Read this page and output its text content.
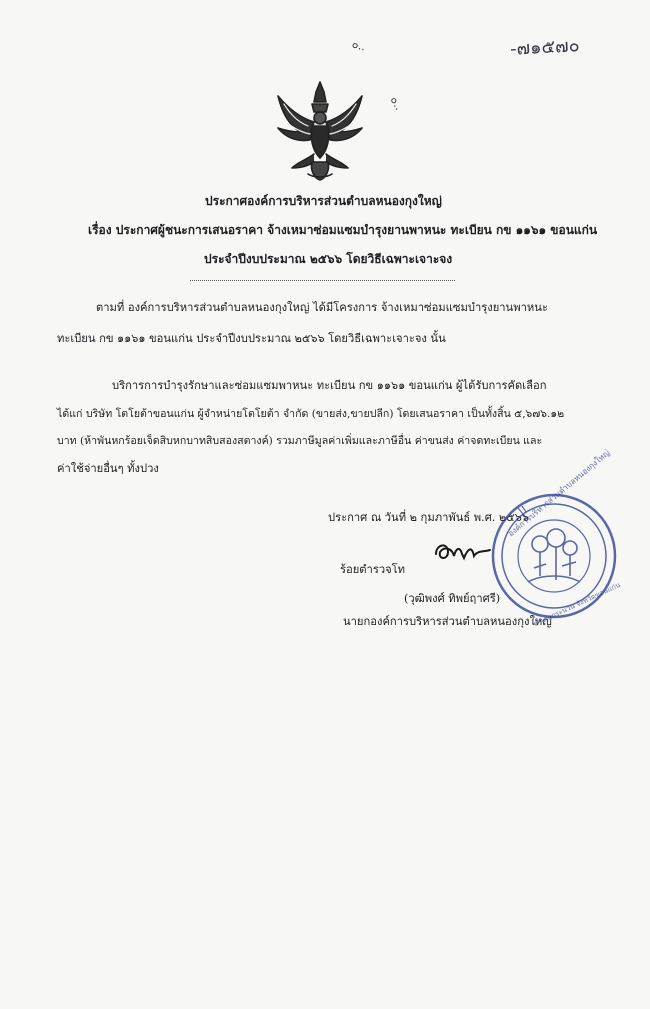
-๗๑๕๗๐
๐..
๐..
ประกาศองค์การบริหารส่วนตำบลหนองกุงใหญ่
เรื่อง ประกาศผู้ชนะการเสนอราคา จ้างเหมาซ่อมแซมบำรุงยานพาหนะ ทะเบียน กข ๑๑๖๑ ขอนแก่น
ประจำปีงบประมาณ ๒๕๖๖ โดยวิธีเฉพาะเจาะจง
ตามที่ องค์การบริหารส่วนตำบลหนองกุงใหญ่ ได้มีโครงการ จ้างเหมาซ่อมแซมบำรุงยานพาหนะ
ทะเบียน กข ๑๑๖๑ ขอนแก่น ประจำปีงบประมาณ ๒๕๖๖ โดยวิธีเฉพาะเจาะจง นั้น
บริการการบำรุงรักษาและซ่อมแซมพาหนะ ทะเบียน กข ๑๑๖๑ ขอนแก่น ผู้ได้รับการคัดเลือก
ได้แก่ บริษัท โตโยต้าขอนแก่น ผู้จำหน่ายโตโยต้า จำกัด (ขายส่ง,ขายปลีก) โดยเสนอราคา เป็นทั้งสิ้น ๕,๖๗๖.๑๒
บาท (ห้าพันหกร้อยเจ็ดสิบหกบาทสิบสองสตางค์) รวมภาษีมูลค่าเพิ่มและภาษีอื่น ค่าขนส่ง ค่าจดทะเบียน และ
ค่าใช้จ่ายอื่นๆ ทั้งปวง
ประกาศ ณ วันที่ ๒ กุมภาพันธ์ พ.ศ. ๒๕๖๖
ร้อยตำรวจโท
(วุฒิพงศ์ ทิพย์ฤาศรี)
นายกองค์การบริหารส่วนตำบลหนองกุงใหญ่
องค์การบริหารส่วนตำบลหนองกุงใหญ่
อำเภอกระนวน จังหวัดขอนแก่น
